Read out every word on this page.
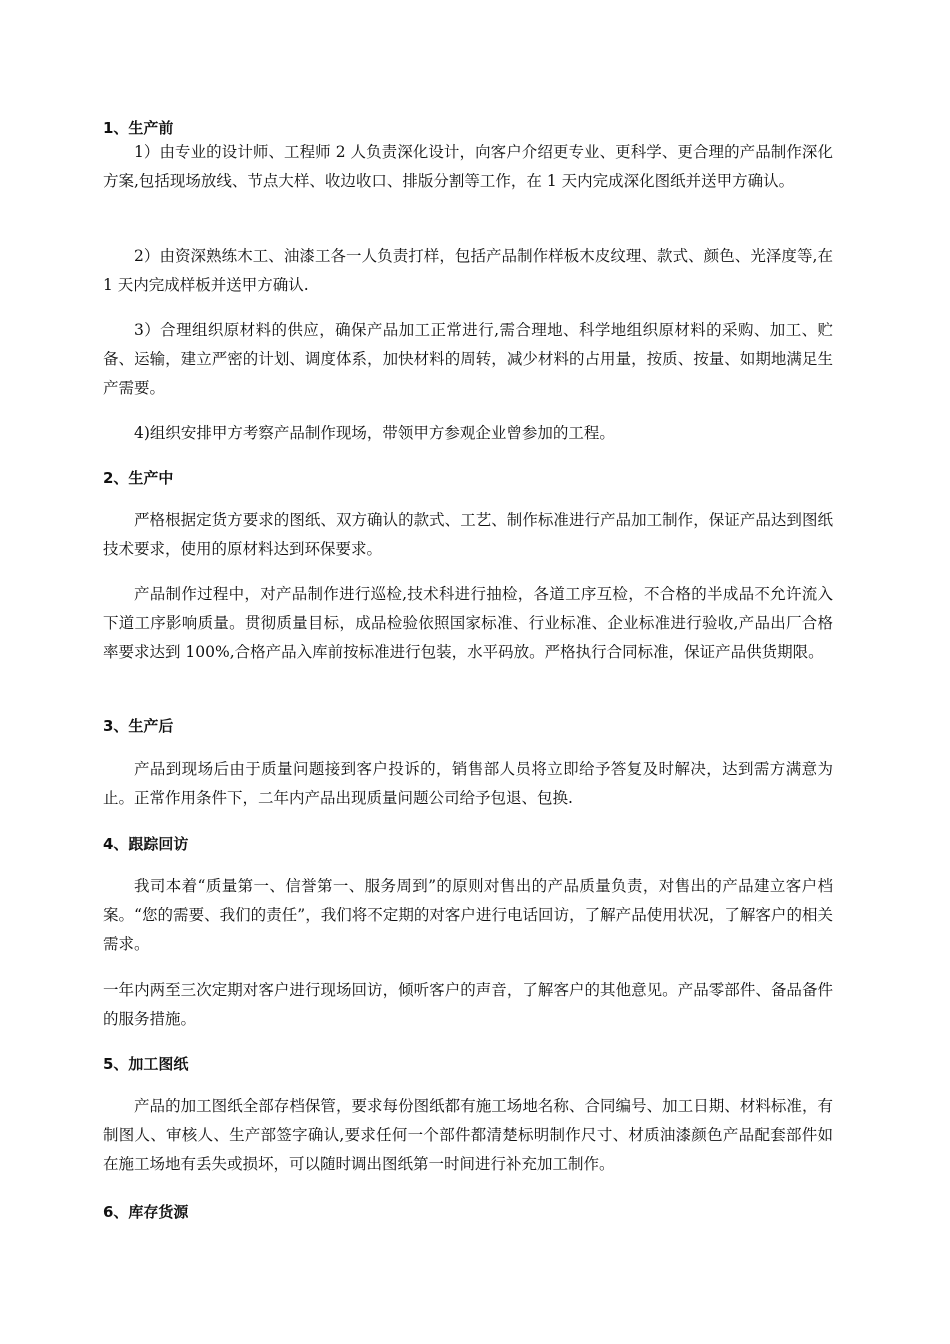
1、生产前

1）由专业的设计师、工程师 2 人负责深化设计，向客户介绍更专业、更科学、更合理的产品制作深化方案,包括现场放线、节点大样、收边收口、排版分割等工作，在 1 天内完成深化图纸并送甲方确认。

2）由资深熟练木工、油漆工各一人负责打样，包括产品制作样板木皮纹理、款式、颜色、光泽度等,在 1 天内完成样板并送甲方确认.

3）合理组织原材料的供应，确保产品加工正常进行,需合理地、科学地组织原材料的采购、加工、贮备、运输，建立严密的计划、调度体系，加快材料的周转，减少材料的占用量，按质、按量、如期地满足生产需要。

4)组织安排甲方考察产品制作现场，带领甲方参观企业曾参加的工程。

2、生产中

严格根据定货方要求的图纸、双方确认的款式、工艺、制作标准进行产品加工制作，保证产品达到图纸技术要求，使用的原材料达到环保要求。

产品制作过程中，对产品制作进行巡检,技术科进行抽检，各道工序互检，不合格的半成品不允许流入下道工序影响质量。贯彻质量目标，成品检验依照国家标准、行业标准、企业标准进行验收,产品出厂合格率要求达到 100%,合格产品入库前按标准进行包装，水平码放。严格执行合同标准，保证产品供货期限。

3、生产后

产品到现场后由于质量问题接到客户投诉的，销售部人员将立即给予答复及时解决，达到需方满意为止。正常作用条件下，二年内产品出现质量问题公司给予包退、包换.

4、跟踪回访

我司本着“质量第一、信誉第一、服务周到”的原则对售出的产品质量负责，对售出的产品建立客户档案。“您的需要、我们的责任”，我们将不定期的对客户进行电话回访，了解产品使用状况，了解客户的相关需求。

一年内两至三次定期对客户进行现场回访，倾听客户的声音，了解客户的其他意见。产品零部件、备品备件的服务措施。

5、加工图纸

产品的加工图纸全部存档保管，要求每份图纸都有施工场地名称、合同编号、加工日期、材料标准，有制图人、审核人、生产部签字确认,要求任何一个部件都清楚标明制作尺寸、材质油漆颜色产品配套部件如在施工场地有丢失或损坏，可以随时调出图纸第一时间进行补充加工制作。

6、库存货源
